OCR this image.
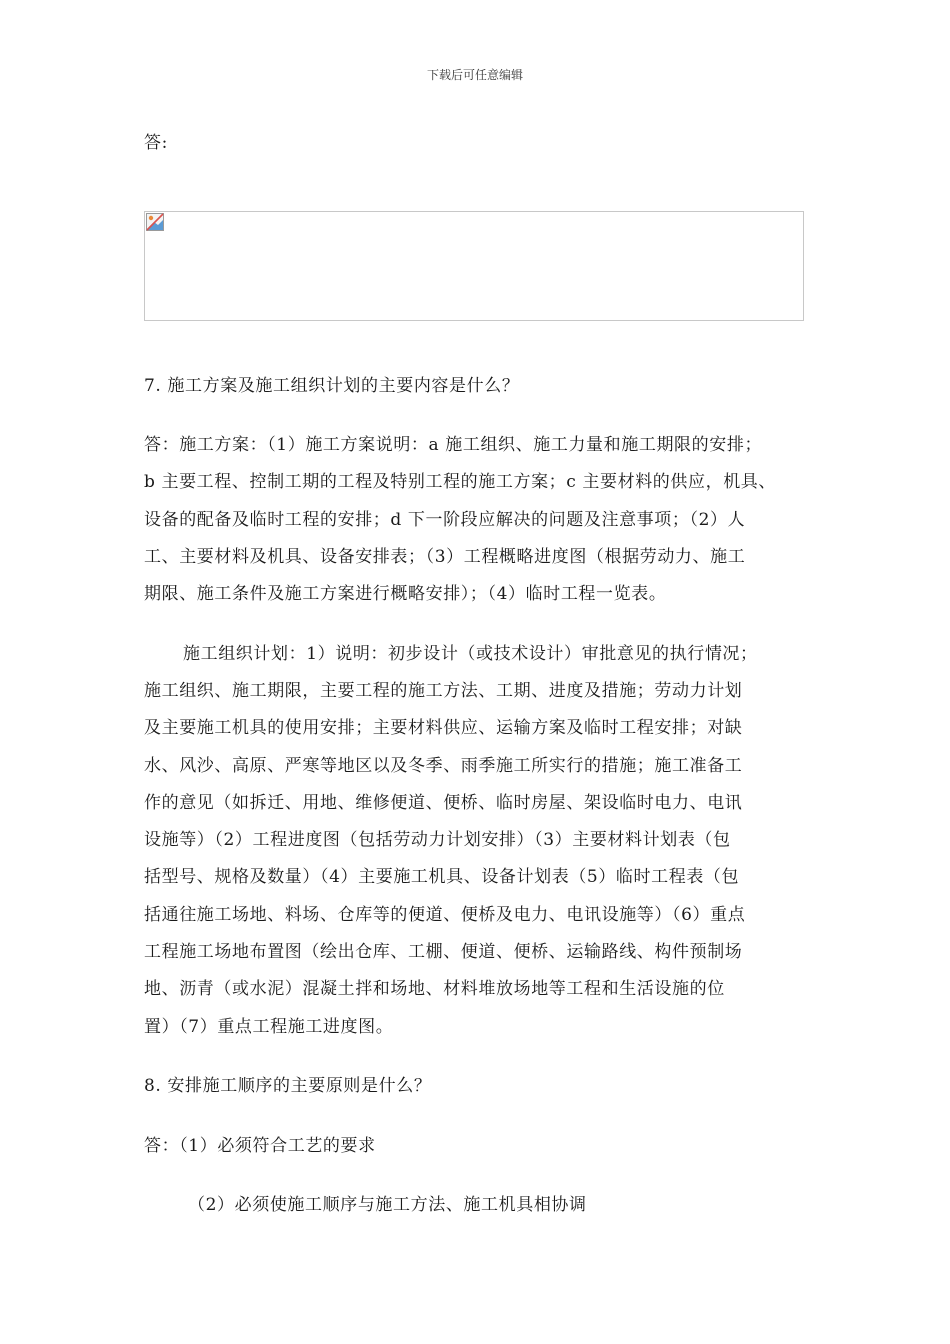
下载后可任意编辑
答:
7. 施工方案及施工组织计划的主要内容是什么？
答：施工方案：（1）施工方案说明：a 施工组织、施工力量和施工期限的安排；
b 主要工程、控制工期的工程及特别工程的施工方案；c 主要材料的供应，机具、
设备的配备及临时工程的安排；d 下一阶段应解决的问题及注意事项；（2）人
工、主要材料及机具、设备安排表；（3）工程概略进度图（根据劳动力、施工
期限、施工条件及施工方案进行概略安排）；（4）临时工程一览表。
施工组织计划：1）说明：初步设计（或技术设计）审批意见的执行情况；
施工组织、施工期限，主要工程的施工方法、工期、进度及措施；劳动力计划
及主要施工机具的使用安排；主要材料供应、运输方案及临时工程安排；对缺
水、风沙、高原、严寒等地区以及冬季、雨季施工所实行的措施；施工准备工
作的意见（如拆迁、用地、维修便道、便桥、临时房屋、架设临时电力、电讯
设施等）（2）工程进度图（包括劳动力计划安排）（3）主要材料计划表（包
括型号、规格及数量）（4）主要施工机具、设备计划表（5）临时工程表（包
括通往施工场地、料场、仓库等的便道、便桥及电力、电讯设施等）（6）重点
工程施工场地布置图（绘出仓库、工棚、便道、便桥、运输路线、构件预制场
地、沥青（或水泥）混凝土拌和场地、材料堆放场地等工程和生活设施的位
置）（7）重点工程施工进度图。
8. 安排施工顺序的主要原则是什么？
答：（1）必须符合工艺的要求
（2）必须使施工顺序与施工方法、施工机具相协调
